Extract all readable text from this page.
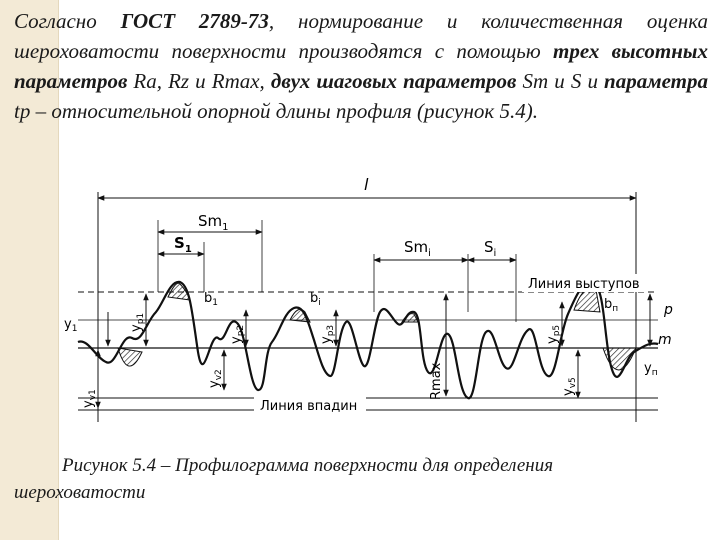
Согласно ГОСТ 2789-73, нормирование и количественная оценка шероховатости поверхности производятся с помощью трех высотных параметров Ra, Rz и Rmax, двух шаговых параметров Sm и S и параметра tp – относительной опорной длины профиля (рисунок 5.4).
l
$Sm_1$
$S_1$	$Sm_i$	$S_i$
Линия выступов
Линия впадин
Rmax
m
p
$b_1$	$b_i$	$b_п$
$y_1$
$y_п$
$y_{p1}$
$y_{v1}$
$y_{p2}$
$y_{v2}$
$y_{p3}$
$y_{p5}$
$y_{v5}$
Рисунок 5.4 – Профилограмма поверхности для определения
шероховатости
